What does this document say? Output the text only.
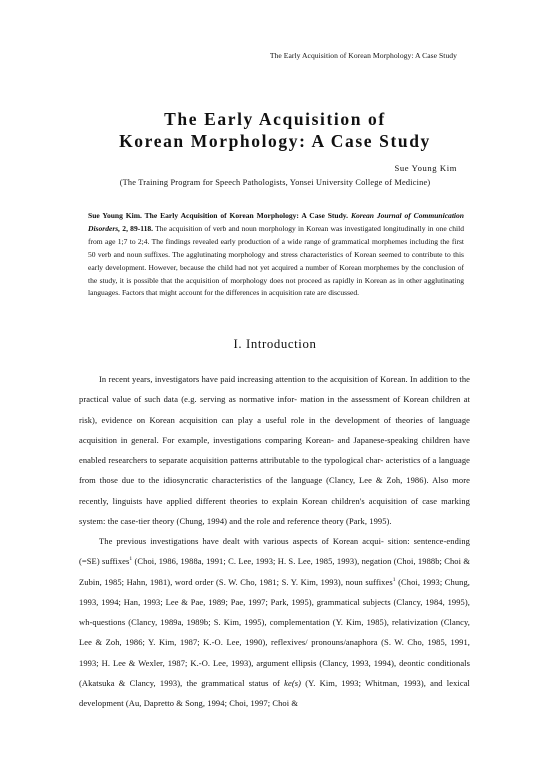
The Early Acquisition of Korean Morphology: A Case Study
The Early Acquisition of
Korean Morphology: A Case Study
Sue Young Kim
(The Training Program for Speech Pathologists, Yonsei University College of Medicine)
Sue Young Kim. The Early Acquisition of Korean Morphology: A Case Study. Korean Journal of Communication Disorders, 2, 89-118. The acquisition of verb and noun morphology in Korean was investigated longitudinally in one child from age 1;7 to 2;4. The findings revealed early production of a wide range of grammatical morphemes including the first 50 verb and noun suffixes. The agglutinating morphology and stress characteristics of Korean seemed to contribute to this early development. However, because the child had not yet acquired a number of Korean morphemes by the conclusion of the study, it is possible that the acquisition of morphology does not proceed as rapidly in Korean as in other agglutinating languages. Factors that might account for the differences in acquisition rate are discussed.
I. Introduction

In recent years, investigators have paid increasing attention to the acquisition of Korean. In addition to the practical value of such data (e.g. serving as normative infor- mation in the assessment of Korean children at risk), evidence on Korean acquisition can play a useful role in the development of theories of language acquisition in general. For example, investigations comparing Korean- and Japanese-speaking children have enabled researchers to separate acquisition patterns attributable to the typological char- acteristics of a language from those due to the idiosyncratic characteristics of the language (Clancy, Lee & Zoh, 1986). Also more recently, linguists have applied different theories to explain Korean children's acquisition of case marking system: the case-tier theory (Chung, 1994) and the role and reference theory (Park, 1995).

The previous investigations have dealt with various aspects of Korean acqui- sition: sentence-ending (=SE) suffixes$^1$ (Choi, 1986, 1988a, 1991; C. Lee, 1993; H. S. Lee, 1985, 1993), negation (Choi, 1988b; Choi & Zubin, 1985; Hahn, 1981), word order (S. W. Cho, 1981; S. Y. Kim, 1993), noun suffixes$^1$ (Choi, 1993; Chung, 1993, 1994; Han, 1993; Lee & Pae, 1989; Pae, 1997; Park, 1995), grammatical subjects (Clancy, 1984, 1995), wh-questions (Clancy, 1989a, 1989b; S. Kim, 1995), complementation (Y. Kim, 1985), relativization (Clancy, Lee & Zoh, 1986; Y. Kim, 1987; K.-O. Lee, 1990), reflexives/ pronouns/anaphora (S. W. Cho, 1985, 1991, 1993; H. Lee & Wexler, 1987; K.-O. Lee, 1993), argument ellipsis (Clancy, 1993, 1994), deontic conditionals (Akatsuka & Clancy, 1993), the grammatical status of ke(s) (Y. Kim, 1993; Whitman, 1993), and lexical development (Au, Dapretto & Song, 1994; Choi, 1997; Choi &
